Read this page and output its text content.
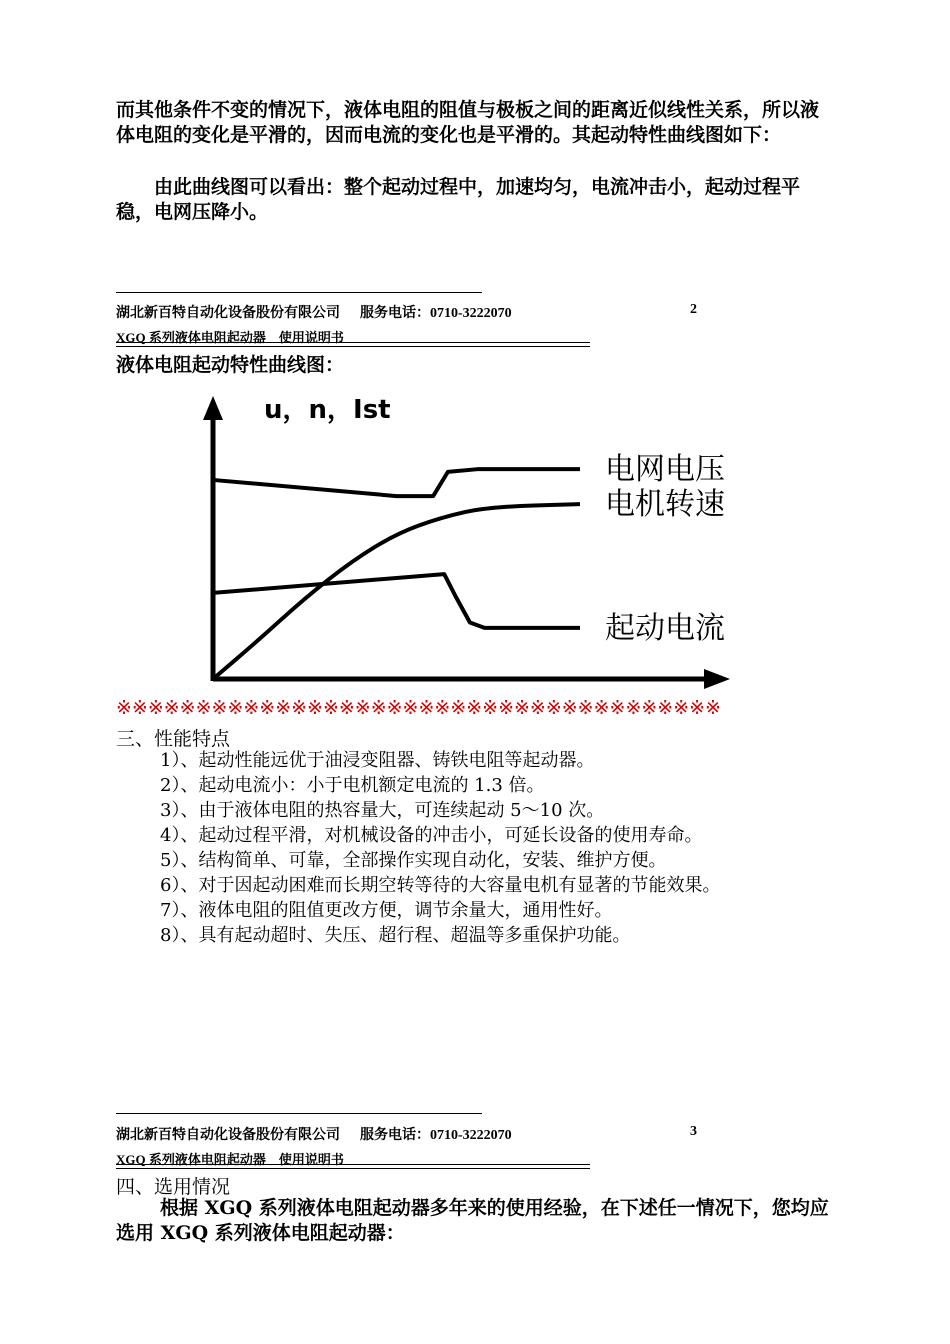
而其他条件不变的情况下，液体电阻的阻值与极板之间的距离近似线性关系，所以液体电阻的变化是平滑的，因而电流的变化也是平滑的。其起动特性曲线图如下：

由此曲线图可以看出：整个起动过程中，加速均匀，电流冲击小，起动过程平稳，电网压降小。

湖北新百特自动化设备股份有限公司 服务电话：0710-3222070	2
XGQ 系列液体电阻起动器　使用说明书
液体电阻起动特性曲线图：
u，n，Ist
电网电压
电机转速
起动电流
※※※※※※※※※※※※※※※※※※※※※※※※※※※※※※※※※※※※※※
三、性能特点
1）、起动性能远优于油浸变阻器、铸铁电阻等起动器。
2）、起动电流小：小于电机额定电流的 1.3 倍。
3）、由于液体电阻的热容量大，可连续起动 5～10 次。
4）、起动过程平滑，对机械设备的冲击小，可延长设备的使用寿命。
5）、结构简单、可靠，全部操作实现自动化，安装、维护方便。
6）、对于因起动困难而长期空转等待的大容量电机有显著的节能效果。
7）、液体电阻的阻值更改方便，调节余量大，通用性好。
8）、具有起动超时、失压、超行程、超温等多重保护功能。
湖北新百特自动化设备股份有限公司 服务电话：0710-3222070	3
XGQ 系列液体电阻起动器　使用说明书
四、选用情况

根据 XGQ 系列液体电阻起动器多年来的使用经验，在下述任一情况下，您均应选用 XGQ 系列液体电阻起动器：
